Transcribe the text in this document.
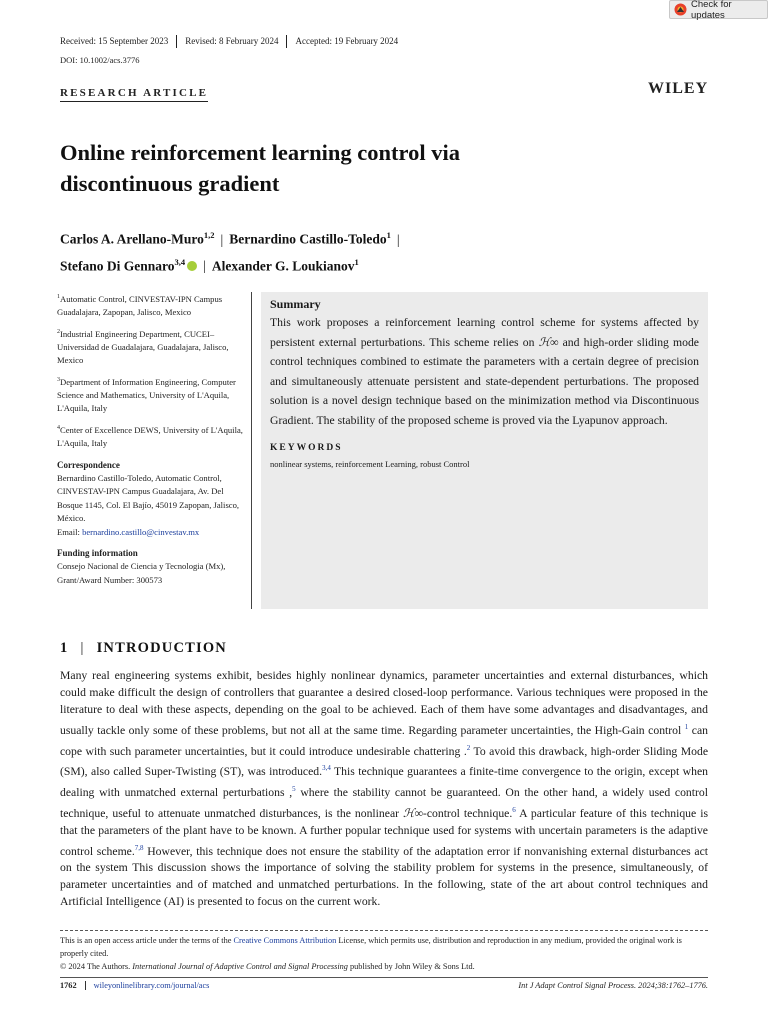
Check for updates
Received: 15 September 2023	Revised: 8 February 2024	Accepted: 19 February 2024
DOI: 10.1002/acs.3776
RESEARCH ARTICLE	WILEY
Online reinforcement learning control via
discontinuous gradient
Carlos A. Arellano-Muro$^{1,2}$ | Bernardino Castillo-Toledo$^1$ |
Stefano Di Gennaro$^{3,4}$ | Alexander G. Loukianov$^1$

$^1$Automatic Control, CINVESTAV-IPN Campus Guadalajara, Zapopan, Jalisco, Mexico

$^2$Industrial Engineering Department, CUCEI–Universidad de Guadalajara, Guadalajara, Jalisco, Mexico

$^3$Department of Information Engineering, Computer Science and Mathematics, University of L'Aquila, L'Aquila, Italy

$^4$Center of Excellence DEWS, University of L'Aquila, L'Aquila, Italy

Correspondence

Bernardino Castillo-Toledo, Automatic Control, CINVESTAV-IPN Campus Guadalajara, Av. Del Bosque 1145, Col. El Bajío, 45019 Zapopan, Jalisco, México.
Email: bernardino.castillo@cinvestav.mx

Funding information

Consejo Nacional de Ciencia y Tecnologia (Mx), Grant/Award Number: 300573

Summary
This work proposes a reinforcement learning control scheme for systems affected by persistent external perturbations. This scheme relies on ℋ∞ and high-order sliding mode control techniques combined to estimate the parameters with a certain degree of precision and simultaneously attenuate persistent and state-dependent perturbations. The proposed solution is a novel design technique based on the minimization method via Discontinuous Gradient. The stability of the proposed scheme is proved via the Lyapunov approach.
KEYWORDS
nonlinear systems, reinforcement Learning, robust Control
1 | INTRODUCTION
Many real engineering systems exhibit, besides highly nonlinear dynamics, parameter uncertainties and external disturbances, which could make difficult the design of controllers that guarantee a desired closed-loop performance. Various techniques were proposed in the literature to deal with these aspects, depending on the goal to be achieved. Each of them have some advantages and disadvantages, and usually tackle only some of these problems, but not all at the same time. Regarding parameter uncertainties, the High-Gain control $^1$ can cope with such parameter uncertainties, but it could introduce undesirable chattering .$^2$ To avoid this drawback, high-order Sliding Mode (SM), also called Super-Twisting (ST), was introduced.$^{3,4}$ This technique guarantees a finite-time convergence to the origin, except when dealing with unmatched external perturbations ,$^5$ where the stability cannot be guaranteed. On the other hand, a widely used control technique, useful to attenuate unmatched disturbances, is the nonlinear ℋ∞-control technique.$^6$ A particular feature of this technique is that the parameters of the plant have to be known. A further popular technique used for systems with uncertain parameters is the adaptive control scheme.$^{7,8}$ However, this technique does not ensure the stability of the adaptation error if nonvanishing external disturbances act on the system This discussion shows the importance of solving the stability problem for systems in the presence, simultaneously, of parameter uncertainties and of matched and unmatched perturbations. In the following, state of the art about control techniques and Artificial Intelligence (AI) is presented to focus on the current work.
This is an open access article under the terms of the Creative Commons Attribution License, which permits use, distribution and reproduction in any medium, provided the original work is properly cited.
© 2024 The Authors. International Journal of Adaptive Control and Signal Processing published by John Wiley & Sons Ltd.
1762	wileyonlinelibrary.com/journal/acs	Int J Adapt Control Signal Process. 2024;38:1762–1776.
